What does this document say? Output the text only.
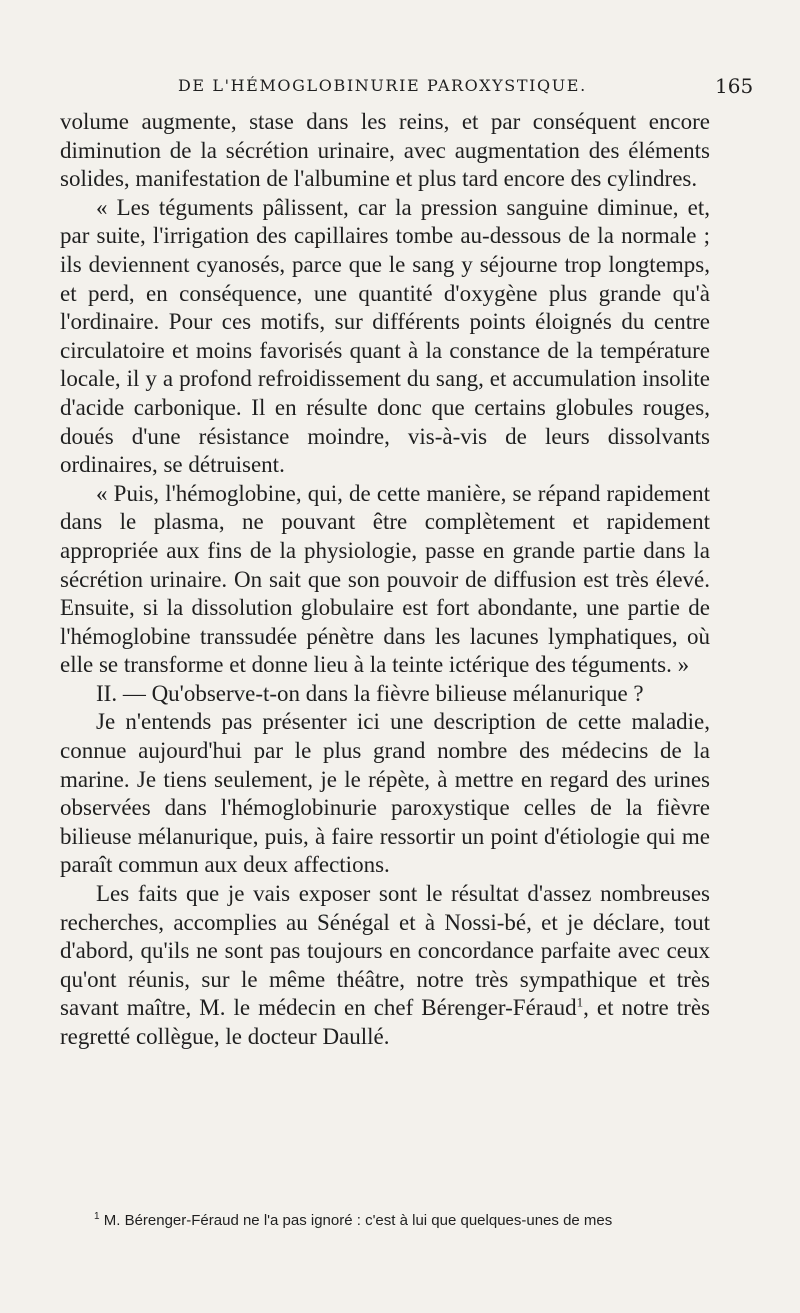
DE L'HÉMOGLOBINURIE PAROXYSTIQUE.	165

volume augmente, stase dans les reins, et par conséquent encore diminution de la sécrétion urinaire, avec augmentation des éléments solides, manifestation de l'albumine et plus tard encore des cylindres.

« Les téguments pâlissent, car la pression sanguine diminue, et, par suite, l'irrigation des capillaires tombe au-dessous de la normale ; ils deviennent cyanosés, parce que le sang y séjourne trop longtemps, et perd, en conséquence, une quantité d'oxygène plus grande qu'à l'ordinaire. Pour ces motifs, sur différents points éloignés du centre circulatoire et moins favorisés quant à la constance de la température locale, il y a profond refroidissement du sang, et accumulation insolite d'acide carbonique. Il en résulte donc que certains globules rouges, doués d'une résistance moindre, vis-à-vis de leurs dissolvants ordinaires, se détruisent.

« Puis, l'hémoglobine, qui, de cette manière, se répand rapidement dans le plasma, ne pouvant être complètement et rapidement appropriée aux fins de la physiologie, passe en grande partie dans la sécrétion urinaire. On sait que son pouvoir de diffusion est très élevé. Ensuite, si la dissolution globulaire est fort abondante, une partie de l'hémoglobine transsudée pénètre dans les lacunes lymphatiques, où elle se transforme et donne lieu à la teinte ictérique des téguments. »

II. — Qu'observe-t-on dans la fièvre bilieuse mélanurique ?

Je n'entends pas présenter ici une description de cette maladie, connue aujourd'hui par le plus grand nombre des médecins de la marine. Je tiens seulement, je le répète, à mettre en regard des urines observées dans l'hémoglobinurie paroxystique celles de la fièvre bilieuse mélanurique, puis, à faire ressortir un point d'étiologie qui me paraît commun aux deux affections.

Les faits que je vais exposer sont le résultat d'assez nombreuses recherches, accomplies au Sénégal et à Nossi-bé, et je déclare, tout d'abord, qu'ils ne sont pas toujours en concordance parfaite avec ceux qu'ont réunis, sur le même théâtre, notre très sympathique et très savant maître, M. le médecin en chef Bérenger-Féraud$^1$, et notre très regretté collègue, le docteur Daullé.

$^1$ M. Bérenger-Féraud ne l'a pas ignoré : c'est à lui que quelques-unes de mes
